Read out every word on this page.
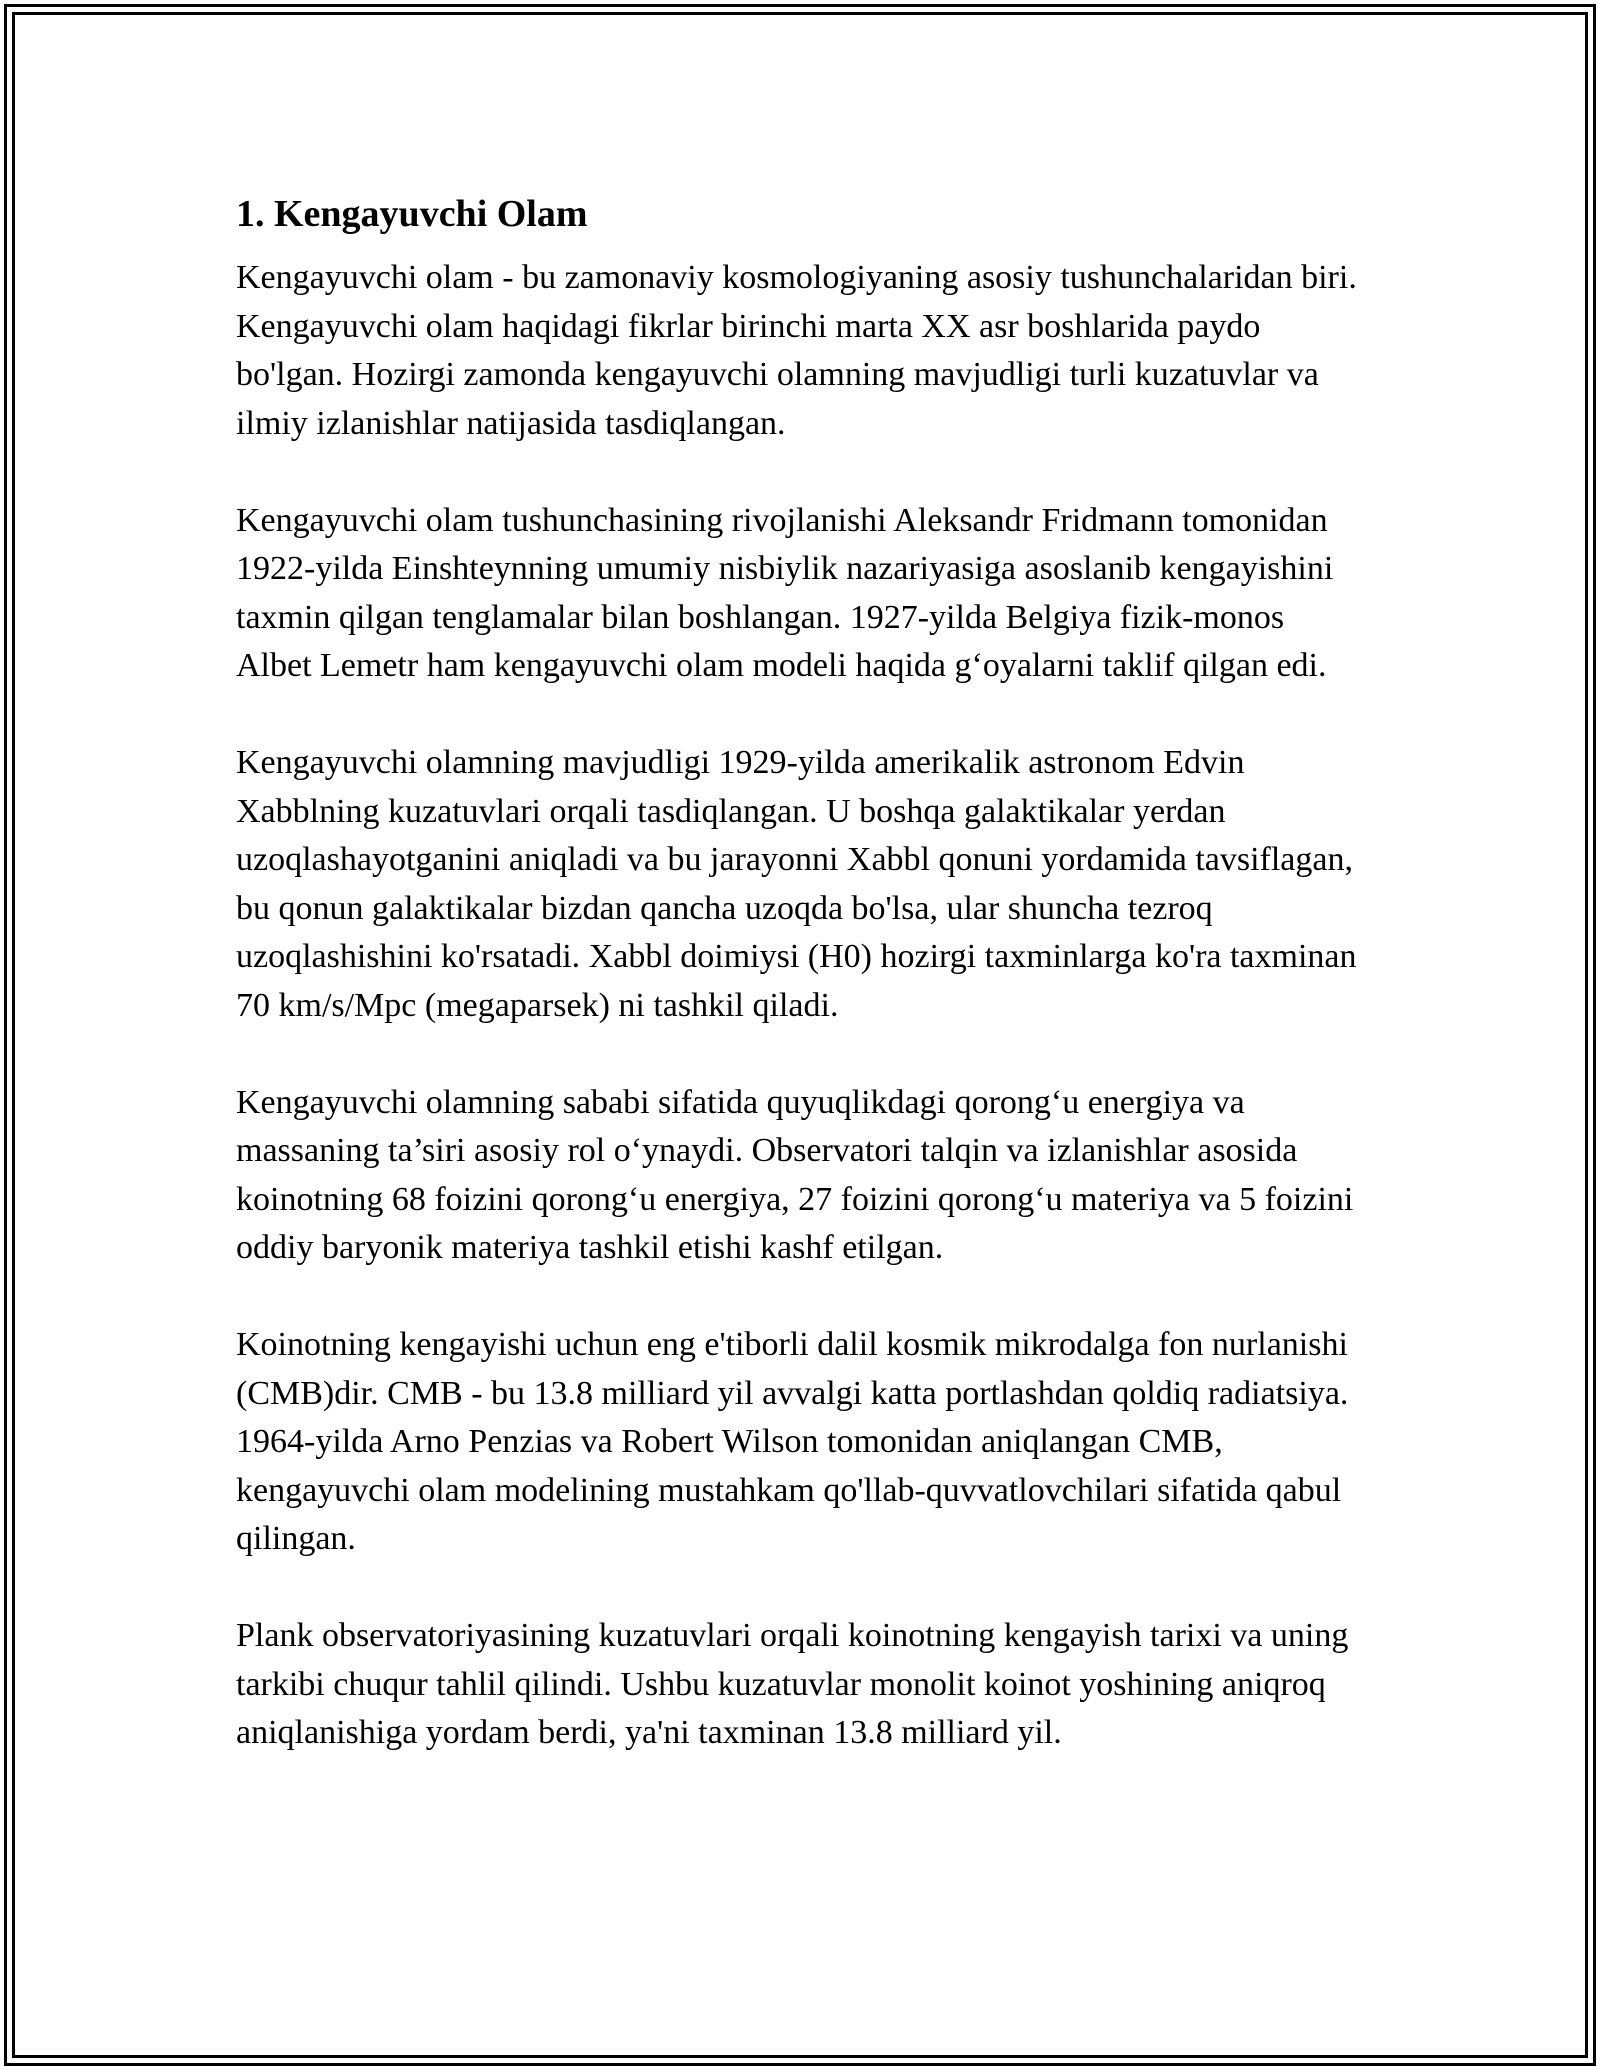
1. Kengayuvchi Olam

Kengayuvchi olam - bu zamonaviy kosmologiyaning asosiy tushunchalaridan biri. Kengayuvchi olam haqidagi fikrlar birinchi marta XX asr boshlarida paydo bo'lgan. Hozirgi zamonda kengayuvchi olamning mavjudligi turli kuzatuvlar va ilmiy izlanishlar natijasida tasdiqlangan.

Kengayuvchi olam tushunchasining rivojlanishi Aleksandr Fridmann tomonidan 1922-yilda Einshteynning umumiy nisbiylik nazariyasiga asoslanib kengayishini taxmin qilgan tenglamalar bilan boshlangan. 1927-yilda Belgiya fizik-monos Albet Lemetr ham kengayuvchi olam modeli haqida g‘oyalarni taklif qilgan edi.

Kengayuvchi olamning mavjudligi 1929-yilda amerikalik astronom Edvin Xabblning kuzatuvlari orqali tasdiqlangan. U boshqa galaktikalar yerdan uzoqlashayotganini aniqladi va bu jarayonni Xabbl qonuni yordamida tavsiflagan, bu qonun galaktikalar bizdan qancha uzoqda bo'lsa, ular shuncha tezroq uzoqlashishini ko'rsatadi. Xabbl doimiysi (H0) hozirgi taxminlarga ko'ra taxminan 70 km/s/Mpc (megaparsek) ni tashkil qiladi.

Kengayuvchi olamning sababi sifatida quyuqlikdagi qorong‘u energiya va massaning ta’siri asosiy rol o‘ynaydi. Observatori talqin va izlanishlar asosida koinotning 68 foizini qorong‘u energiya, 27 foizini qorong‘u materiya va 5 foizini oddiy baryonik materiya tashkil etishi kashf etilgan.

Koinotning kengayishi uchun eng e'tiborli dalil kosmik mikrodalga fon nurlanishi (CMB)dir. CMB - bu 13.8 milliard yil avvalgi katta portlashdan qoldiq radiatsiya. 1964-yilda Arno Penzias va Robert Wilson tomonidan aniqlangan CMB, kengayuvchi olam modelining mustahkam qo'llab-quvvatlovchilari sifatida qabul qilingan.

Plank observatoriyasining kuzatuvlari orqali koinotning kengayish tarixi va uning tarkibi chuqur tahlil qilindi. Ushbu kuzatuvlar monolit koinot yoshining aniqroq aniqlanishiga yordam berdi, ya'ni taxminan 13.8 milliard yil.
